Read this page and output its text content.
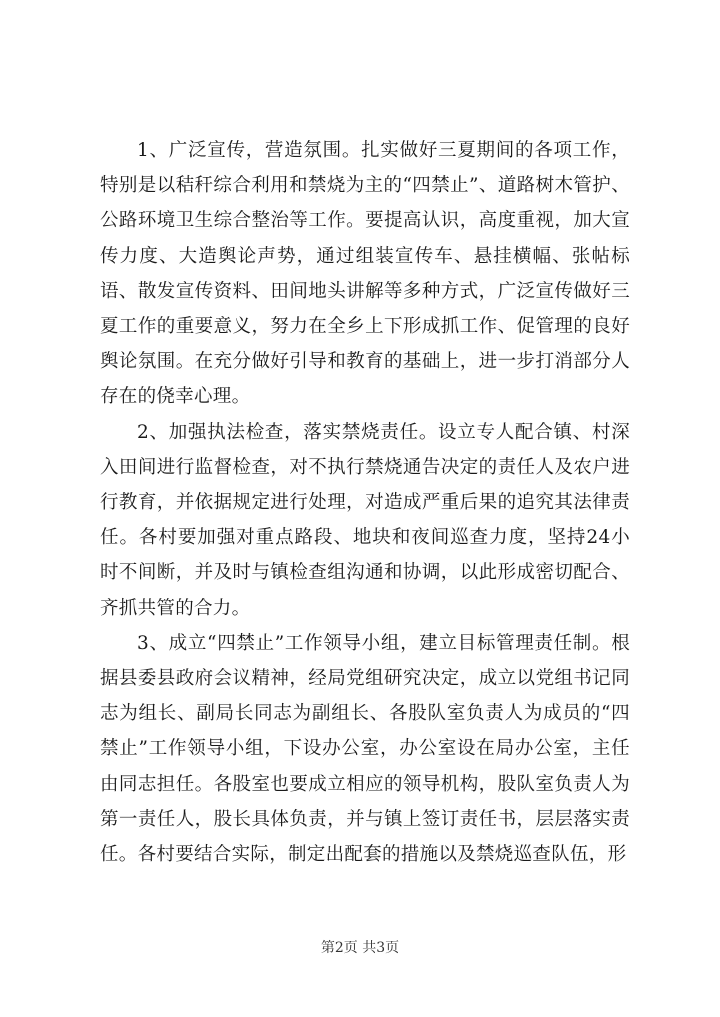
1、广泛宣传，营造氛围。扎实做好三夏期间的各项工作，特别是以秸秆综合利用和禁烧为主的“四禁止”、道路树木管护、公路环境卫生综合整治等工作。要提高认识，高度重视，加大宣传力度、大造舆论声势，通过组装宣传车、悬挂横幅、张帖标语、散发宣传资料、田间地头讲解等多种方式，广泛宣传做好三夏工作的重要意义，努力在全乡上下形成抓工作、促管理的良好舆论氛围。在充分做好引导和教育的基础上，进一步打消部分人存在的侥幸心理。

2、加强执法检查，落实禁烧责任。设立专人配合镇、村深入田间进行监督检查，对不执行禁烧通告决定的责任人及农户进行教育，并依据规定进行处理，对造成严重后果的追究其法律责任。各村要加强对重点路段、地块和夜间巡查力度，坚持24小时不间断，并及时与镇检查组沟通和协调，以此形成密切配合、齐抓共管的合力。

3、成立“四禁止”工作领导小组，建立目标管理责任制。根据县委县政府会议精神，经局党组研究决定，成立以党组书记同志为组长、副局长同志为副组长、各股队室负责人为成员的“四禁止”工作领导小组，下设办公室，办公室设在局办公室，主任由同志担任。各股室也要成立相应的领导机构，股队室负责人为第一责任人，股长具体负责，并与镇上签订责任书，层层落实责任。各村要结合实际，制定出配套的措施以及禁烧巡查队伍，形

第2页 共3页
